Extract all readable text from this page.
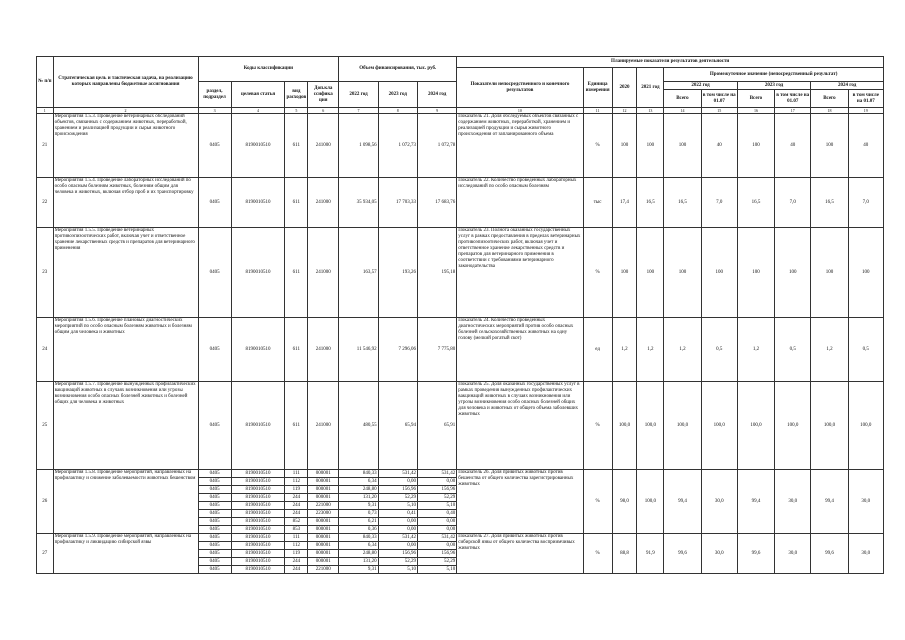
№ п/п	Стратегическая цель и тактическая задача, на реализацию которых направлены бюджетные ассигнования	Коды классификации				Объем финансирования, тыс. руб.			Планируемые показатели результатов деятельности									
									Показатели непосредственного и конечного результатов	Единица измерения	2020	2021 год	Промежуточное значение (непосредственный результат)					
		раздел, подраздел	целевая статья	вид расходов	Доп.кла ссифика ция	2022 год	2023 год	2024 год					2022 год		2023 год		2024 год	
													Всего	в том числе на 01.07	Всего	в том числе на 01.07	Всего	в том числе на 01.07
1	2	3	4	5	6	7	8	9	10	11	12	13	14	15	16	17	18	19
21	Мероприятия 1.5.3. Проведение ветеринарных обследований объектов, связанных с содержанием животных, переработкой, хранением и реализацией продукции и сырья животного происхождения	0405	8190010510	611	241000	1 098,56	1 072,73	1 072,78	Показатель 21. Доля обследуемых объектов связанных с содержанием животных, переработкой, хранением и реализацией продукции и сырья животного происхождения от запланированного объема	%	100	100	100	40	100	40	100	40
22	Мероприятия 1.5.4. Проведение лабораторных исследований по особо опасным болезням животных, болезням общим для человека и животных, включая отбор проб и их транспортировку	0405	8190010510	611	241000	35 934,05	17 703,33	17 683,76	Показатель 22. Количество проведенных лабораторных исследований по особо опасным болезням	тыс	17,4	16,5	16,5	7,0	16,5	7,0	16,5	7,0
23	Мероприятия 1.5.5. Проведение ветеринарных противоэпизоотических работ, включая учет и ответственное хранение лекарственных средств и препаратов для ветеринарного применения	0405	8190010510	611	241000	163,57	193,26	195,18	Показатель 23. Полнота оказанных государственных услуг в рамках предоставления в пределах ветеринарных противоэпизоотических работ, включая учет и ответственное хранение лекарственных средств и препаратов для ветеринарного применения в соответствии с требованиями ветеринарного законодательства	%	100	100	100	100	100	100	100	100
24	Мероприятия 1.5.6. Проведение плановых диагностических мероприятий по особо опасным болезням животных и болезням общим для человека и животных	0405	8190010510	611	241000	11 546,92	7 296,06	7 775,80	Показатель 24. Количество проведенных диагностических мероприятий против особо опасных болезней сельскохозяйственных животных на одну голову (мелкий рогатый скот)	ед	1,2	1,2	1,2	0,5	1,2	0,5	1,2	0,5
25	Мероприятия 1.5.7. Проведение вынужденных профилактических вакцинаций животных в случаях возникновения или угрозы возникновения особо опасных болезней животных и болезней общих для человека и животных	0405	8190010510	611	241000	480,55	65,94	65,91	Показатель 25. Доля оказанных государственных услуг в рамках проведения вынужденных профилактических вакцинаций животных в случаях возникновения или угрозы возникновения особо опасных болезней общих для человека и животных от общего объема заболевших животных	%	100,0	100,0	100,0	100,0	100,0	100,0	100,0	100,0
26	Мероприятия 1.5.8. Проведение мероприятий, направленных на профилактику и снижение заболеваемости животных бешенством	0405	8190010510	111	000001	840,33	531,42	531,42	Показатель 26. Доля привитых животных против бешенства от общего количества зарегистрированных животных	%	98,0	100,0	99,4	30,0	99,4	30,0	99,4	30,0
		0405	8190010510	112	000001	6,34	0,00	0,00										
		0405	8190010510	119	000001	248,80	156,96	156,96										
		0405	8190010510	244	000001	131,20	52,29	52,29										
		0405	8190010510	244	221000	9,31	5,10	5,10										
		0405	8190010510	244	223000	0,73	0,41	0,40										
		0405	8190010510	852	000001	6,21	0,00	0,00										
		0405	8190010510	853	000001	0,36	0,00	0,00										
27	Мероприятия 1.5.9. Проведение мероприятий, направленных на профилактику и ликвидацию сибирской язвы	0405	8190010510	111	000001	840,33	531,42	531,42	Показатель 27. Доля привитых животных против сибирской язвы от общего количества восприимчивых животных	%	88,8	91,9	99,6	30,0	99,6	30,0	99,6	30,0
		0405	8190010510	112	000001	6,34	0,00	0,00										
		0405	8190010510	119	000001	248,80	156,96	156,96										
		0405	8190010510	244	000001	131,20	52,29	52,29										
		0405	8190010510	244	221000	9,31	5,10	5,10										
